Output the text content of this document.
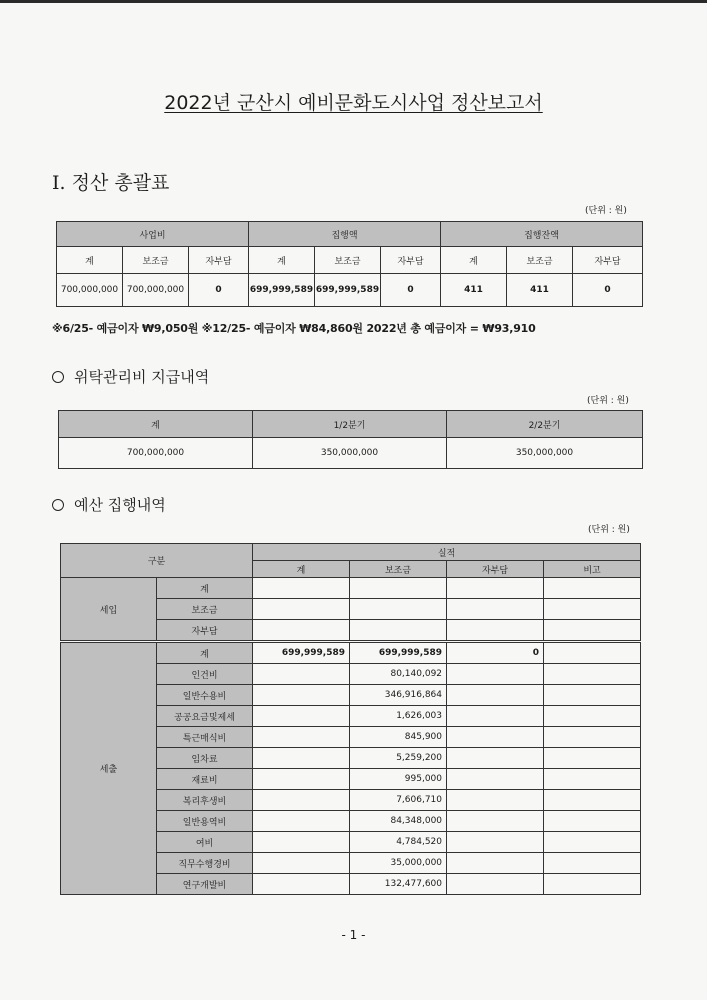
2022년 군산시 예비문화도시사업 정산보고서
I. 정산 총괄표
(단위 : 원)
사업비			집행액			집행잔액		
계	보조금	자부담	계	보조금	자부담	계	보조금	자부담
700,000,000	700,000,000	0	699,999,589	699,999,589	0	411	411	0
※6/25- 예금이자 ₩9,050원 ※12/25- 예금이자 ₩84,860원 2022년 총 예금이자 = ₩93,910
위탁관리비 지급내역
(단위 : 원)
계	1/2분기	2/2분기
700,000,000	350,000,000	350,000,000
예산 집행내역
(단위 : 원)
구분		실적			
		계	보조금	자부담	비고
세입	계				
	보조금				
	자부담				
세출	계	699,999,589	699,999,589	0	
	인건비		80,140,092		
	일반수용비		346,916,864		
	공공요금및제세		1,626,003		
	특근매식비		845,900		
	임차료		5,259,200		
	재료비		995,000		
	복리후생비		7,606,710		
	일반용역비		84,348,000		
	여비		4,784,520		
	직무수행경비		35,000,000		
	연구개발비		132,477,600		
- 1 -
